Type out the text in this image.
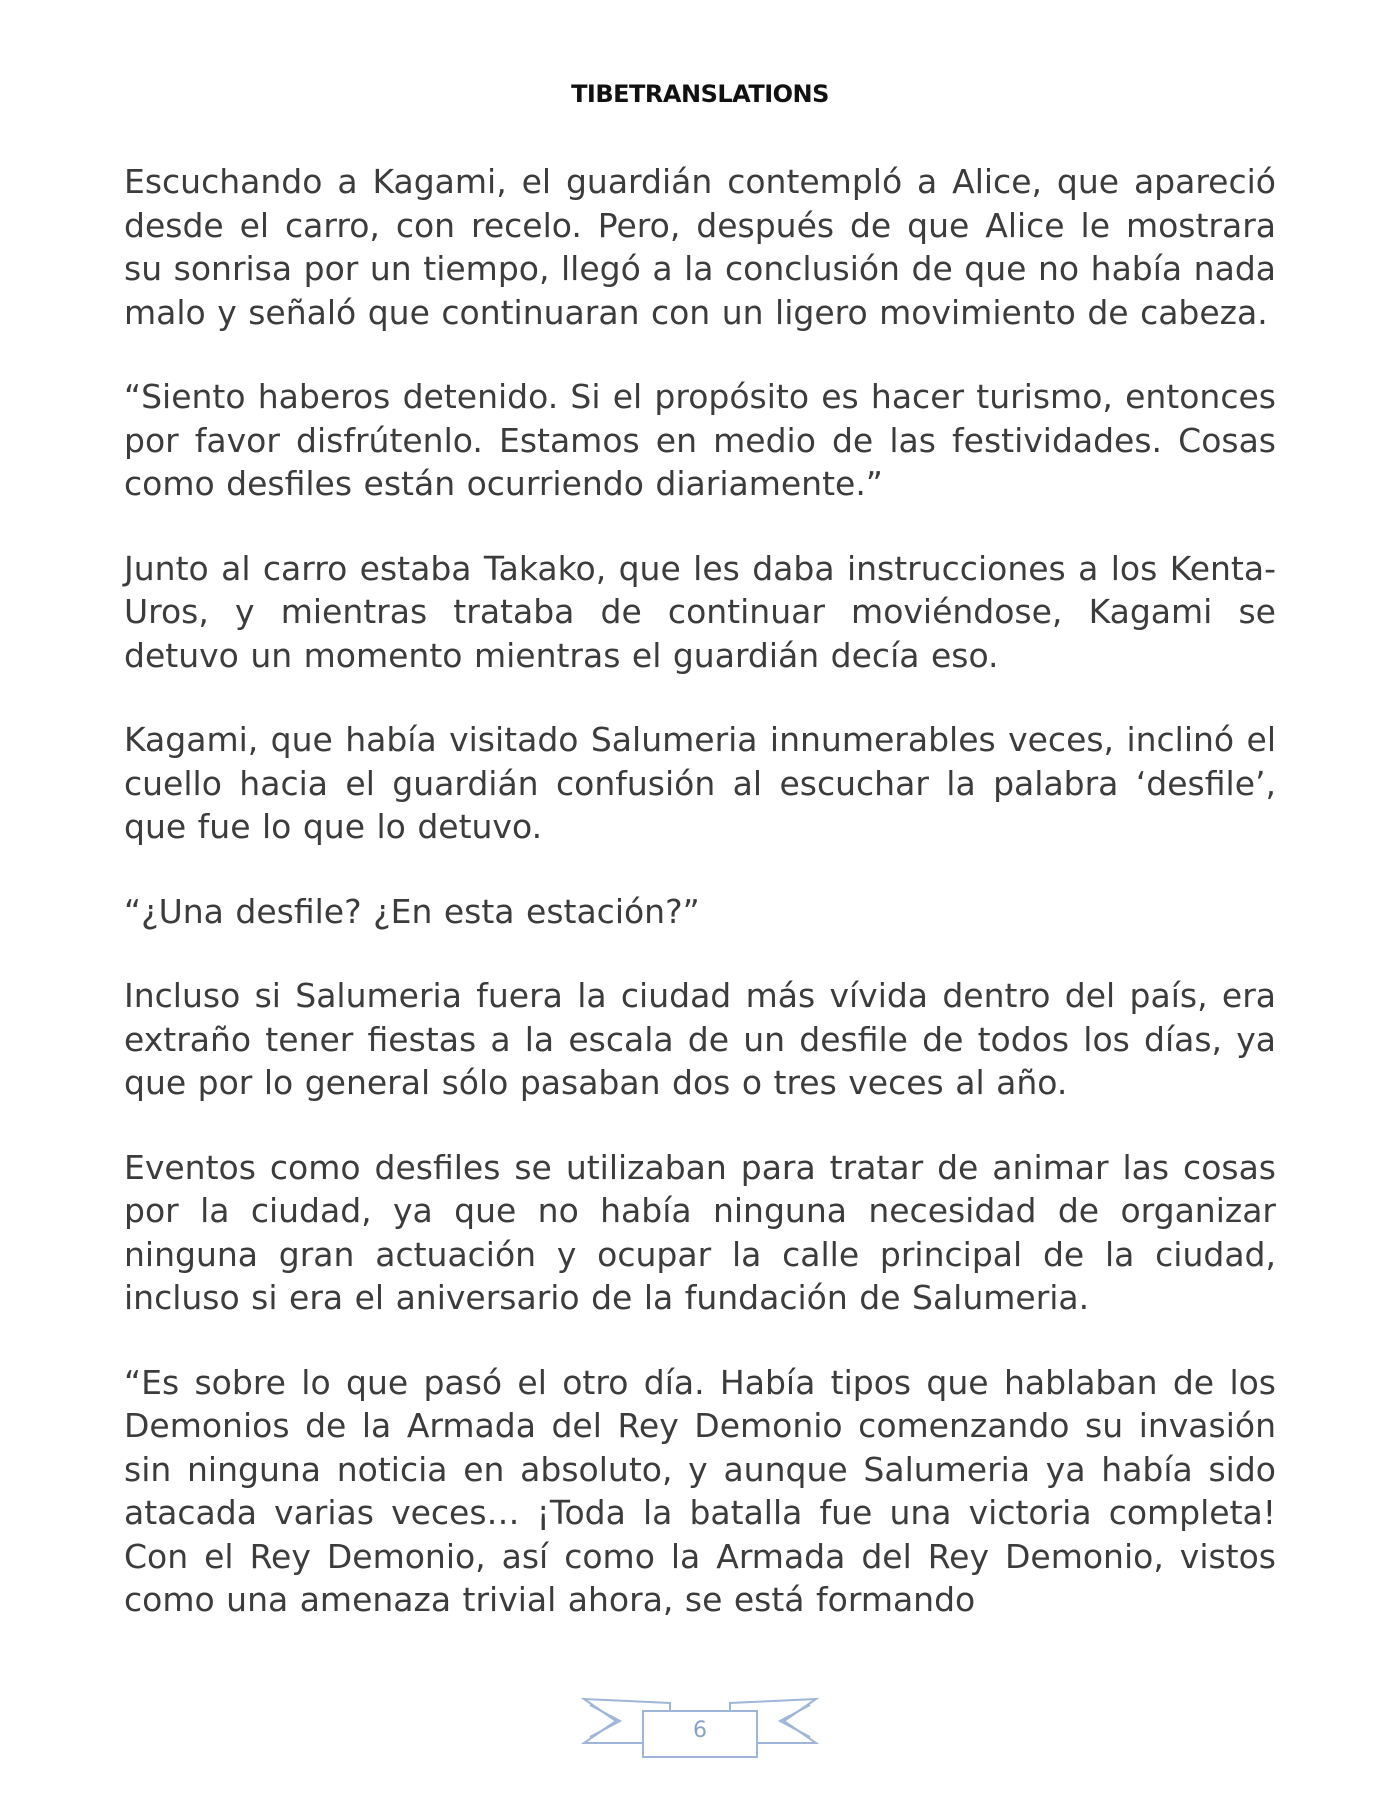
TIBETRANSLATIONS

Escuchando a Kagami, el guardián contempló a Alice, que apareció desde el carro, con recelo. Pero, después de que Alice le mostrara su sonrisa por un tiempo, llegó a la conclusión de que no había nada malo y señaló que continuaran con un ligero movimiento de cabeza.

“Siento haberos detenido. Si el propósito es hacer turismo, entonces por favor disfrútenlo. Estamos en medio de las festividades. Cosas como desfiles están ocurriendo diariamente.”

Junto al carro estaba Takako, que les daba instrucciones a los Kenta-Uros, y mientras trataba de continuar moviéndose, Kagami se detuvo un momento mientras el guardián decía eso.

Kagami, que había visitado Salumeria innumerables veces, inclinó el cuello hacia el guardián confusión al escuchar la palabra ‘desfile’, que fue lo que lo detuvo.

“¿Una desfile? ¿En esta estación?”

Incluso si Salumeria fuera la ciudad más vívida dentro del país, era extraño tener fiestas a la escala de un desfile de todos los días, ya que por lo general sólo pasaban dos o tres veces al año.

Eventos como desfiles se utilizaban para tratar de animar las cosas por la ciudad, ya que no había ninguna necesidad de organizar ninguna gran actuación y ocupar la calle principal de la ciudad, incluso si era el aniversario de la fundación de Salumeria.

“Es sobre lo que pasó el otro día. Había tipos que hablaban de los Demonios de la Armada del Rey Demonio comenzando su invasión sin ninguna noticia en absoluto, y aunque Salumeria ya había sido atacada varias veces… ¡Toda la batalla fue una victoria completa! Con el Rey Demonio, así como la Armada del Rey Demonio, vistos como una amenaza trivial ahora, se está formando

6
